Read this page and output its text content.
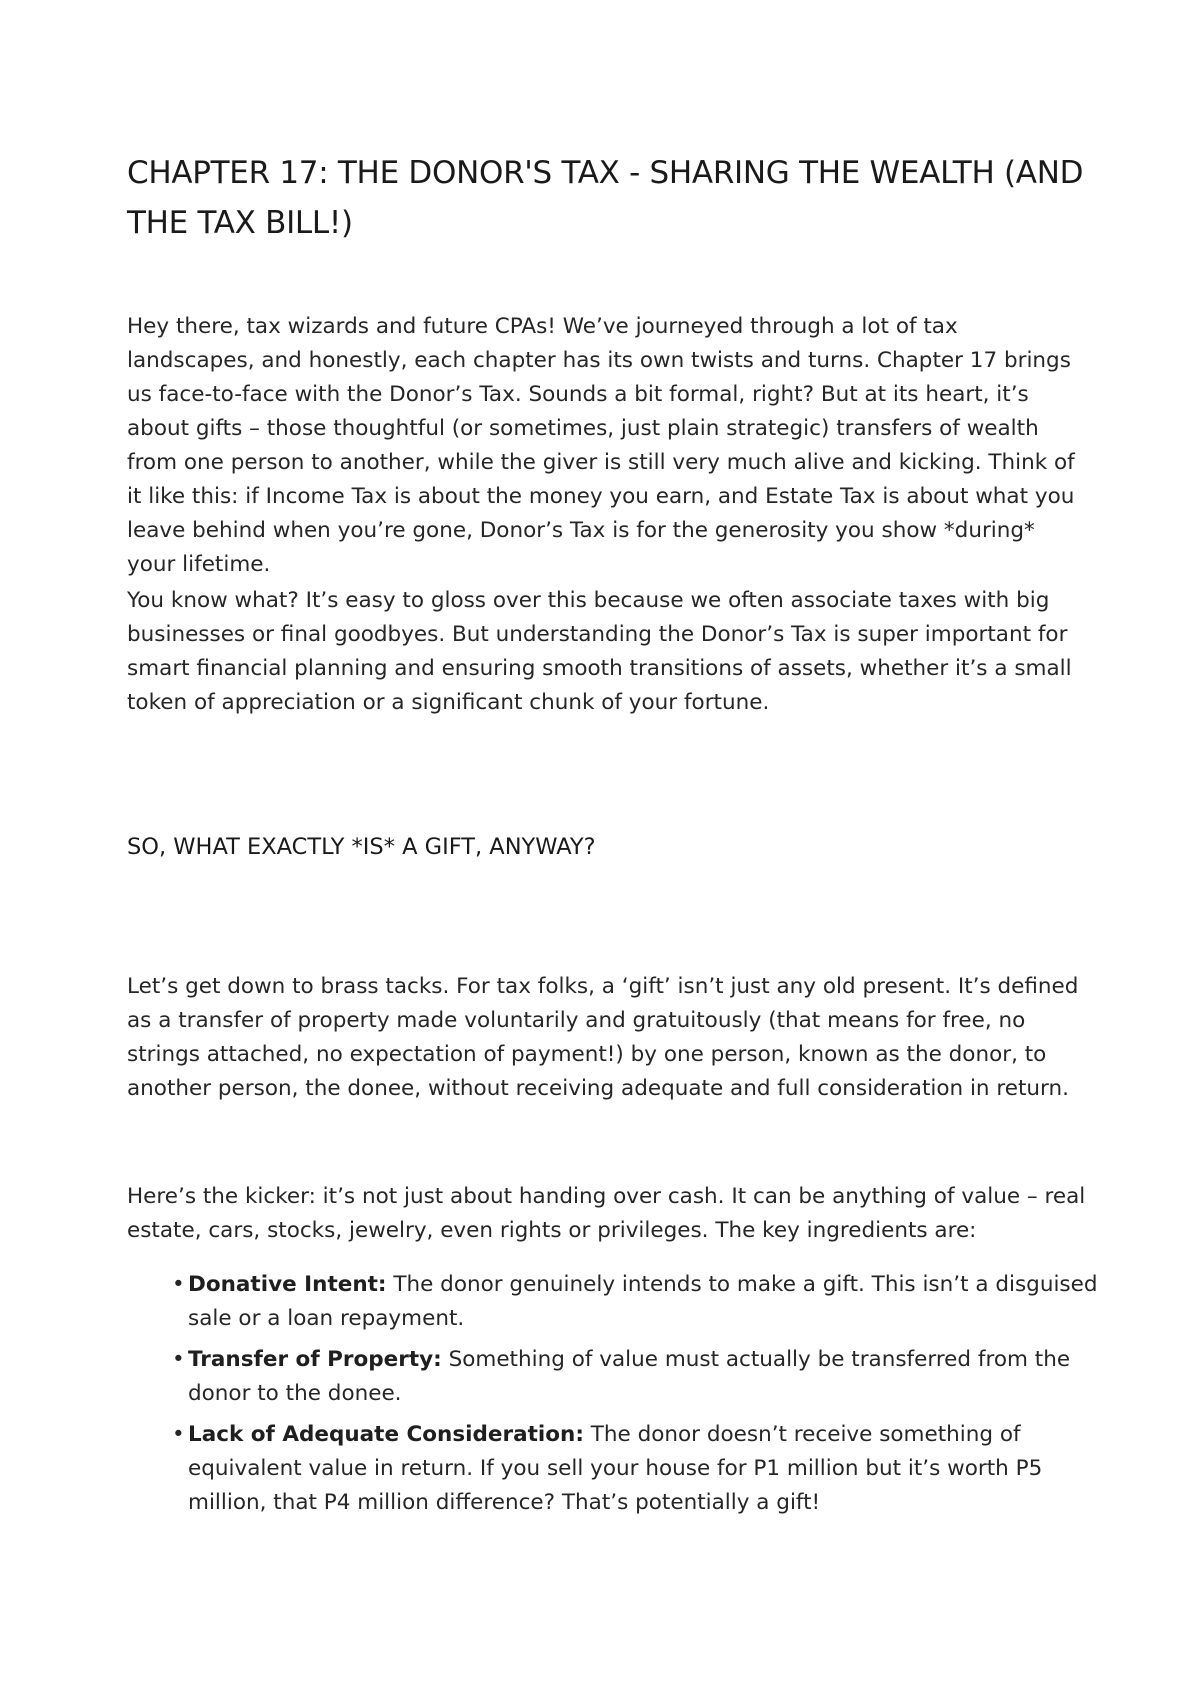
CHAPTER 17: THE DONOR'S TAX - SHARING THE WEALTH (AND THE TAX BILL!)

Hey there, tax wizards and future CPAs! We’ve journeyed through a lot of tax landscapes, and honestly, each chapter has its own twists and turns. Chapter 17 brings us face-to-face with the Donor’s Tax. Sounds a bit formal, right? But at its heart, it’s about gifts – those thoughtful (or sometimes, just plain strategic) transfers of wealth from one person to another, while the giver is still very much alive and kicking. Think of it like this: if Income Tax is about the money you earn, and Estate Tax is about what you leave behind when you’re gone, Donor’s Tax is for the generosity you show *during* your lifetime.

You know what? It’s easy to gloss over this because we often associate taxes with big businesses or final goodbyes. But understanding the Donor’s Tax is super important for smart financial planning and ensuring smooth transitions of assets, whether it’s a small token of appreciation or a significant chunk of your fortune.

SO, WHAT EXACTLY *IS* A GIFT, ANYWAY?

Let’s get down to brass tacks. For tax folks, a ‘gift’ isn’t just any old present. It’s defined as a transfer of property made voluntarily and gratuitously (that means for free, no strings attached, no expectation of payment!) by one person, known as the donor, to another person, the donee, without receiving adequate and full consideration in return.

Here’s the kicker: it’s not just about handing over cash. It can be anything of value – real estate, cars, stocks, jewelry, even rights or privileges. The key ingredients are:

• Donative Intent: The donor genuinely intends to make a gift. This isn’t a disguised sale or a loan repayment.
• Transfer of Property: Something of value must actually be transferred from the donor to the donee.
• Lack of Adequate Consideration: The donor doesn’t receive something of equivalent value in return. If you sell your house for P1 million but it’s worth P5 million, that P4 million difference? That’s potentially a gift!
